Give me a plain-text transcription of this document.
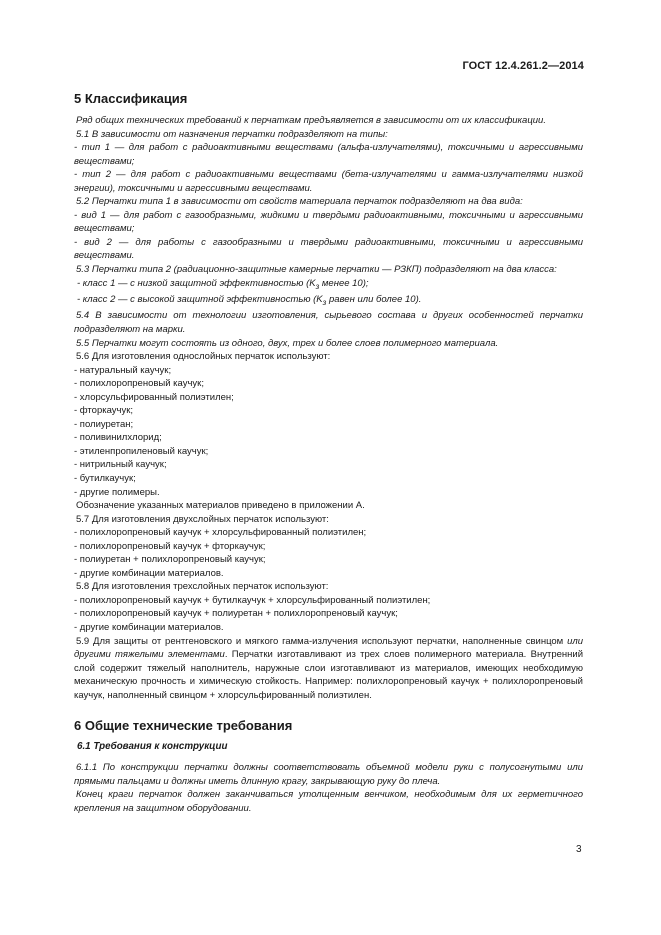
ГОСТ 12.4.261.2—2014
5 Классификация

Ряд общих технических требований к перчаткам предъявляется в зависимости от их классификации.

5.1 В зависимости от назначения перчатки подразделяют на типы:

- тип 1 — для работ с радиоактивными веществами (альфа-излучателями), токсичными и агрессивными веществами;

- тип 2 — для работ с радиоактивными веществами (бета-излучателями и гамма-излучателями низкой энергии), токсичными и агрессивными веществами.

5.2 Перчатки типа 1 в зависимости от свойств материала перчаток подразделяют на два вида:

- вид 1 — для работ с газообразными, жидкими и твердыми радиоактивными, токсичными и агрессивными веществами;

- вид 2 — для работы с газообразными и твердыми радиоактивными, токсичными и агрессивными веществами.

5.3 Перчатки типа 2 (радиационно-защитные камерные перчатки — РЗКП) подразделяют на два класса:

- класс 1 — с низкой защитной эффективностью ($K_з$ менее 10);

- класс 2 — с высокой защитной эффективностью ($K_з$ равен или более 10).

5.4 В зависимости от технологии изготовления, сырьевого состава и других особенностей перчатки подразделяют на марки.

5.5 Перчатки могут состоять из одного, двух, трех и более слоев полимерного материала.

5.6 Для изготовления однослойных перчаток используют:

- натуральный каучук;

- полихлоропреновый каучук;

- хлорсульфированный полиэтилен;

- фторкаучук;

- полиуретан;

- поливинилхлорид;

- этиленпропиленовый каучук;

- нитрильный каучук;

- бутилкаучук;

- другие полимеры.

Обозначение указанных материалов приведено в приложении А.

5.7 Для изготовления двухслойных перчаток используют:

- полихлоропреновый каучук + хлорсульфированный полиэтилен;

- полихлоропреновый каучук + фторкаучук;

- полиуретан + полихлоропреновый каучук;

- другие комбинации материалов.

5.8 Для изготовления трехслойных перчаток используют:

- полихлоропреновый каучук + бутилкаучук + хлорсульфированный полиэтилен;

- полихлоропреновый каучук + полиуретан + полихлоропреновый каучук;

- другие комбинации материалов.

5.9 Для защиты от рентгеновского и мягкого гамма-излучения используют перчатки, наполненные свинцом или другими тяжелыми элементами. Перчатки изготавливают из трех слоев полимерного материала. Внутренний слой содержит тяжелый наполнитель, наружные слои изготавливают из материалов, имеющих необходимую механическую прочность и химическую стойкость. Например: полихлоропреновый каучук + полихлоропреновый каучук, наполненный свинцом + хлорсульфированный полиэтилен.

6 Общие технические требования
6.1 Требования к конструкции

6.1.1 По конструкции перчатки должны соответствовать объемной модели руки с полусогнутыми или прямыми пальцами и должны иметь длинную крагу, закрывающую руку до плеча.

Конец краги перчаток должен заканчиваться утолщенным венчиком, необходимым для их герметичного крепления на защитном оборудовании.

3
